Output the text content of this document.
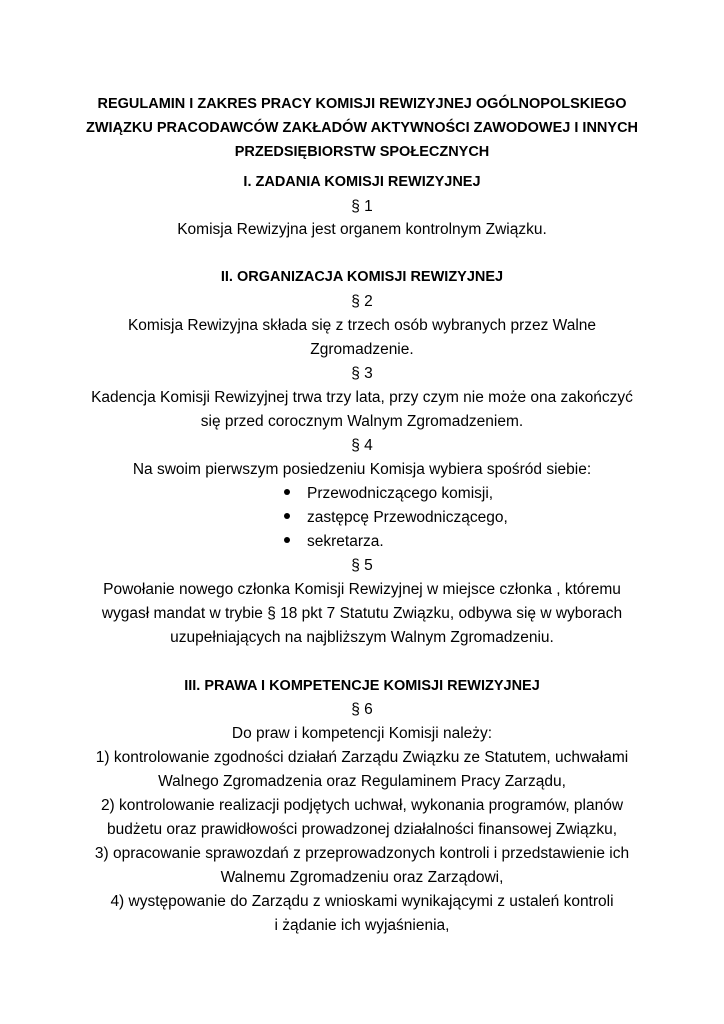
REGULAMIN I ZAKRES PRACY KOMISJI REWIZYJNEJ OGÓLNOPOLSKIEGO
ZWIĄZKU PRACODAWCÓW ZAKŁADÓW AKTYWNOŚCI ZAWODOWEJ I INNYCH
PRZEDSIĘBIORSTW SPOŁECZNYCH
I. ZADANIA KOMISJI REWIZYJNEJ
§ 1
Komisja Rewizyjna jest organem kontrolnym Związku.
II. ORGANIZACJA KOMISJI REWIZYJNEJ
§ 2
Komisja Rewizyjna składa się z trzech osób wybranych przez Walne
Zgromadzenie.
§ 3
Kadencja Komisji Rewizyjnej trwa trzy lata, przy czym nie może ona zakończyć
się przed corocznym Walnym Zgromadzeniem.
§ 4
Na swoim pierwszym posiedzeniu Komisja wybiera spośród siebie:
Przewodniczącego komisji,
zastępcę Przewodniczącego,
sekretarza.
§ 5
Powołanie nowego członka Komisji Rewizyjnej w miejsce członka , któremu
wygasł mandat w trybie § 18 pkt 7 Statutu Związku, odbywa się w wyborach
uzupełniających na najbliższym Walnym Zgromadzeniu.
III. PRAWA I KOMPETENCJE KOMISJI REWIZYJNEJ
§ 6
Do praw i kompetencji Komisji należy:
1) kontrolowanie zgodności działań Zarządu Związku ze Statutem, uchwałami
Walnego Zgromadzenia oraz Regulaminem Pracy Zarządu,
2) kontrolowanie realizacji podjętych uchwał, wykonania programów, planów
budżetu oraz prawidłowości prowadzonej działalności finansowej Związku,
3) opracowanie sprawozdań z przeprowadzonych kontroli i przedstawienie ich
Walnemu Zgromadzeniu oraz Zarządowi,
4) występowanie do Zarządu z wnioskami wynikającymi z ustaleń kontroli
i żądanie ich wyjaśnienia,
